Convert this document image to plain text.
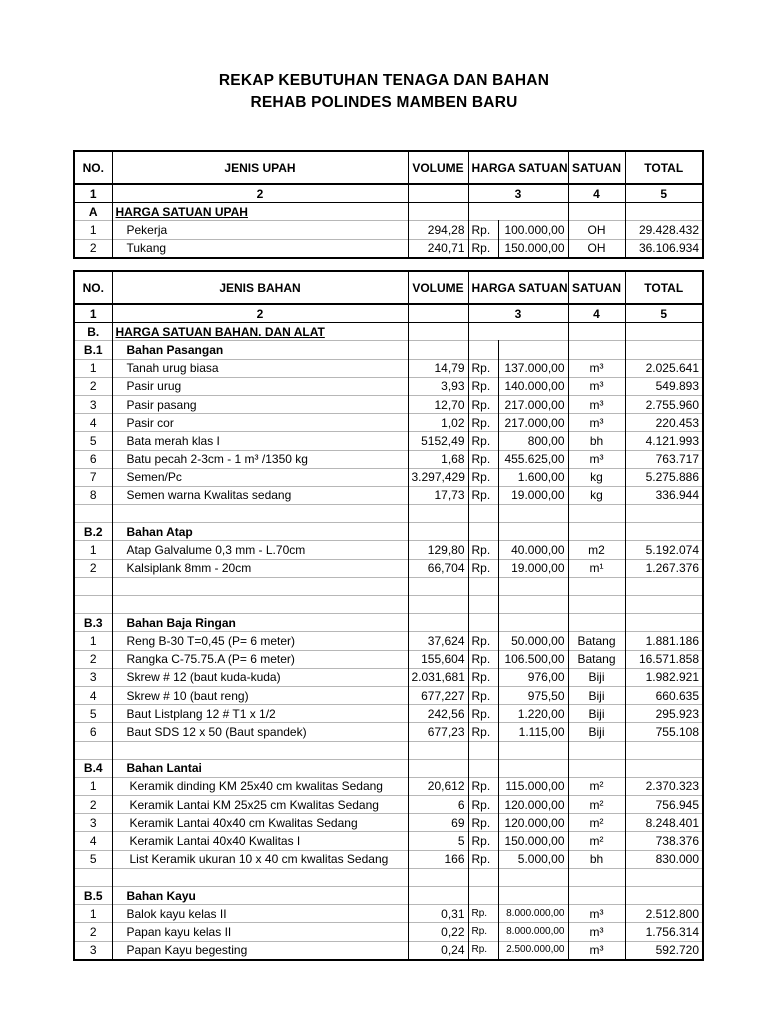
REKAP KEBUTUHAN TENAGA DAN BAHAN
REHAB POLINDES MAMBEN BARU
NO.	JENIS UPAH	VOLUME	HARGA SATUAN		SATUAN	TOTAL
1	2		3		4	5
A	HARGA SATUAN UPAH					
1	Pekerja	294,28	Rp.	100.000,00	OH	29.428.432
2	Tukang	240,71	Rp.	150.000,00	OH	36.106.934
NO.	JENIS BAHAN	VOLUME	HARGA SATUAN		SATUAN	TOTAL
1	2		3		4	5
B.	HARGA SATUAN BAHAN. DAN ALAT					
B.1	Bahan Pasangan					
1	Tanah urug biasa	14,79	Rp.	137.000,00	m³	2.025.641
2	Pasir urug	3,93	Rp.	140.000,00	m³	549.893
3	Pasir pasang	12,70	Rp.	217.000,00	m³	2.755.960
4	Pasir cor	1,02	Rp.	217.000,00	m³	220.453
5	Bata merah klas I	5152,49	Rp.	800,00	bh	4.121.993
6	Batu pecah 2-3cm - 1 m³ /1350 kg	1,68	Rp.	455.625,00	m³	763.717
7	Semen/Pc	3.297,429	Rp.	1.600,00	kg	5.275.886
8	Semen warna Kwalitas sedang	17,73	Rp.	19.000,00	kg	336.944

B.2	Bahan Atap					
1	Atap Galvalume 0,3 mm - L.70cm	129,80	Rp.	40.000,00	m2	5.192.074
2	Kalsiplank 8mm - 20cm	66,704	Rp.	19.000,00	m¹	1.267.376

B.3	Bahan Baja Ringan					
1	Reng B-30 T=0,45 (P= 6 meter)	37,624	Rp.	50.000,00	Batang	1.881.186
2	Rangka C-75.75.A (P= 6 meter)	155,604	Rp.	106.500,00	Batang	16.571.858
3	Skrew # 12 (baut kuda-kuda)	2.031,681	Rp.	976,00	Biji	1.982.921
4	Skrew # 10 (baut reng)	677,227	Rp.	975,50	Biji	660.635
5	Baut Listplang 12 # T1 x 1/2	242,56	Rp.	1.220,00	Biji	295.923
6	Baut SDS 12 x 50 (Baut spandek)	677,23	Rp.	1.115,00	Biji	755.108

B.4	Bahan Lantai					
1	Keramik dinding KM 25x40 cm kwalitas Sedang	20,612	Rp.	115.000,00	m²	2.370.323
2	Keramik Lantai KM 25x25 cm Kwalitas Sedang	6	Rp.	120.000,00	m²	756.945
3	Keramik Lantai 40x40 cm Kwalitas Sedang	69	Rp.	120.000,00	m²	8.248.401
4	Keramik Lantai 40x40 Kwalitas I	5	Rp.	150.000,00	m²	738.376
5	List Keramik ukuran 10 x 40 cm kwalitas Sedang	166	Rp.	5.000,00	bh	830.000

B.5	Bahan Kayu					
1	Balok kayu kelas II	0,31	Rp.	8.000.000,00	m³	2.512.800
2	Papan kayu kelas II	0,22	Rp.	8.000.000,00	m³	1.756.314
3	Papan Kayu begesting	0,24	Rp.	2.500.000,00	m³	592.720
